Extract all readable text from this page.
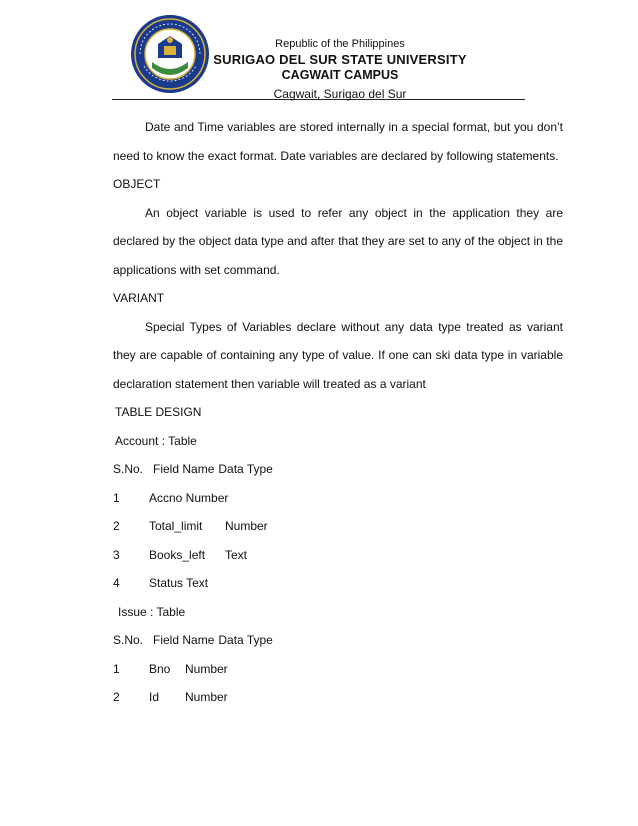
Republic of the Philippines
SURIGAO DEL SUR STATE UNIVERSITY
CAGWAIT CAMPUS
Cagwait, Surigao del Sur

Date and Time variables are stored internally in a special format, but you don’t need to know the exact format. Date variables are declared by following statements.

OBJECT

An object variable is used to refer any object in the application they are declared by the object data type and after that they are set to any of the object in the applications with set command.

VARIANT

Special Types of Variables declare without any data type treated as variant they are capable of containing any type of value. If one can ski data type in variable declaration statement then variable will treated as a variant

TABLE DESIGN

Account : Table

S.No. Field Name Data Type

1 Accno Number

2 Total_limit Number

3 Books_left Text

4 Status Text

Issue : Table

S.No. Field Name Data Type

1 Bno Number

2 Id Number
